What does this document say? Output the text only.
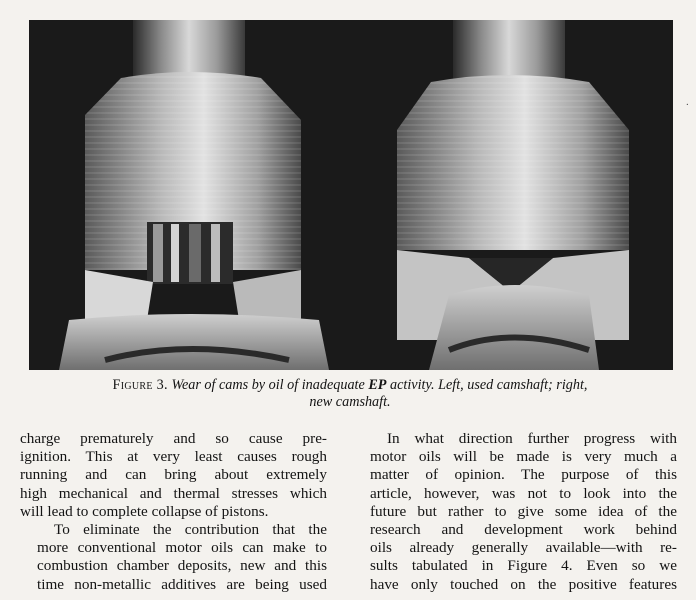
.
Figure 3. Wear of cams by oil of inadequate EP activity. Left, used camshaft; right,
new camshaft.

charge prematurely and so cause pre-
ignition. This at very least causes rough
running and can bring about extremely
high mechanical and thermal stresses which
will lead to complete collapse of pistons.

To eliminate the contribution that the
more conventional motor oils can make to
combustion chamber deposits, new and this
time non-metallic additives are being used

In what direction further progress with
motor oils will be made is very much a
matter of opinion. The purpose of this
article, however, was not to look into the
future but rather to give some idea of the
research and development work behind
oils already generally available—with re-
sults tabulated in Figure 4. Even so we
have only touched on the positive features
